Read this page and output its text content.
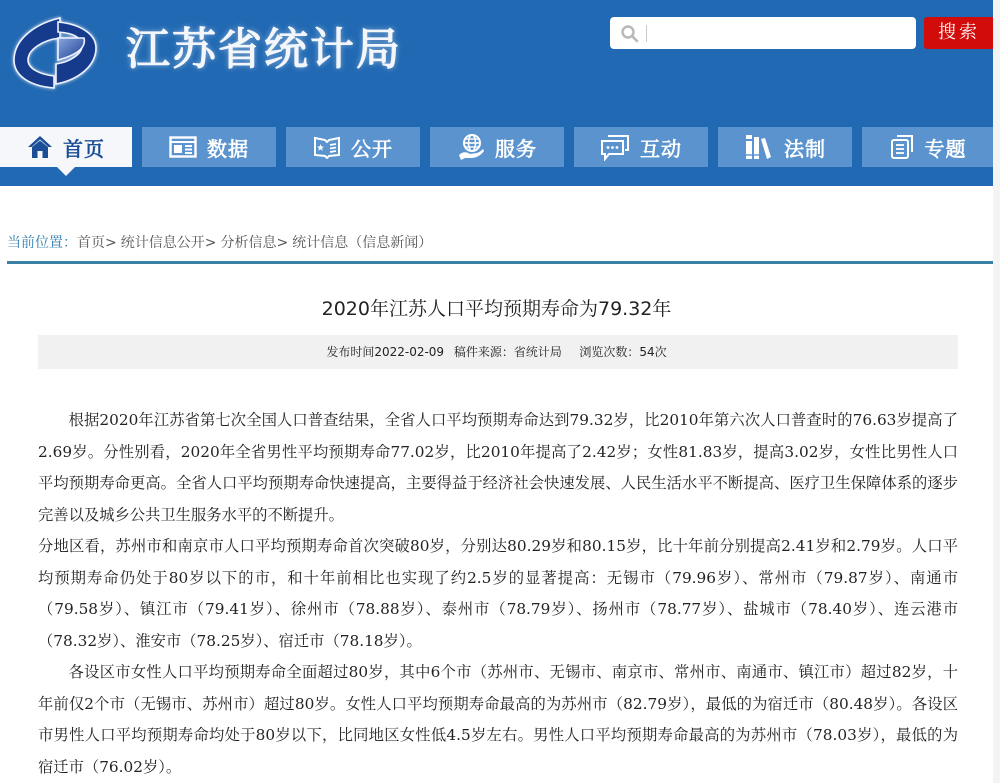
江苏省统计局	搜索
首页	数据	公开	服务	互动	法制	专题
当前位置：首页> 统计信息公开> 分析信息> 统计信息（信息新闻）
2020年江苏人口平均预期寿命为79.32年
发布时间2022-02-09 稿件来源：省统计局 浏览次数：54次

根据2020年江苏省第七次全国人口普查结果，全省人口平均预期寿命达到79.32岁，比2010年第六次人口普查时的76.63岁提高了2.69岁。分性别看，2020年全省男性平均预期寿命77.02岁，比2010年提高了2.42岁；女性81.83岁，提高3.02岁，女性比男性人口平均预期寿命更高。全省人口平均预期寿命快速提高，主要得益于经济社会快速发展、人民生活水平不断提高、医疗卫生保障体系的逐步完善以及城乡公共卫生服务水平的不断提升。

分地区看，苏州市和南京市人口平均预期寿命首次突破80岁，分别达80.29岁和80.15岁，比十年前分别提高2.41岁和2.79岁。人口平均预期寿命仍处于80岁以下的市，和十年前相比也实现了约2.5岁的显著提高：无锡市（79.96岁）、常州市（79.87岁）、南通市（79.58岁）、镇江市（79.41岁）、徐州市（78.88岁）、泰州市（78.79岁）、扬州市（78.77岁）、盐城市（78.40岁）、连云港市（78.32岁）、淮安市（78.25岁）、宿迁市（78.18岁）。

各设区市女性人口平均预期寿命全面超过80岁，其中6个市（苏州市、无锡市、南京市、常州市、南通市、镇江市）超过82岁，十年前仅2个市（无锡市、苏州市）超过80岁。女性人口平均预期寿命最高的为苏州市（82.79岁），最低的为宿迁市（80.48岁）。各设区市男性人口平均预期寿命均处于80岁以下，比同地区女性低4.5岁左右。男性人口平均预期寿命最高的为苏州市（78.03岁），最低的为宿迁市（76.02岁）。
